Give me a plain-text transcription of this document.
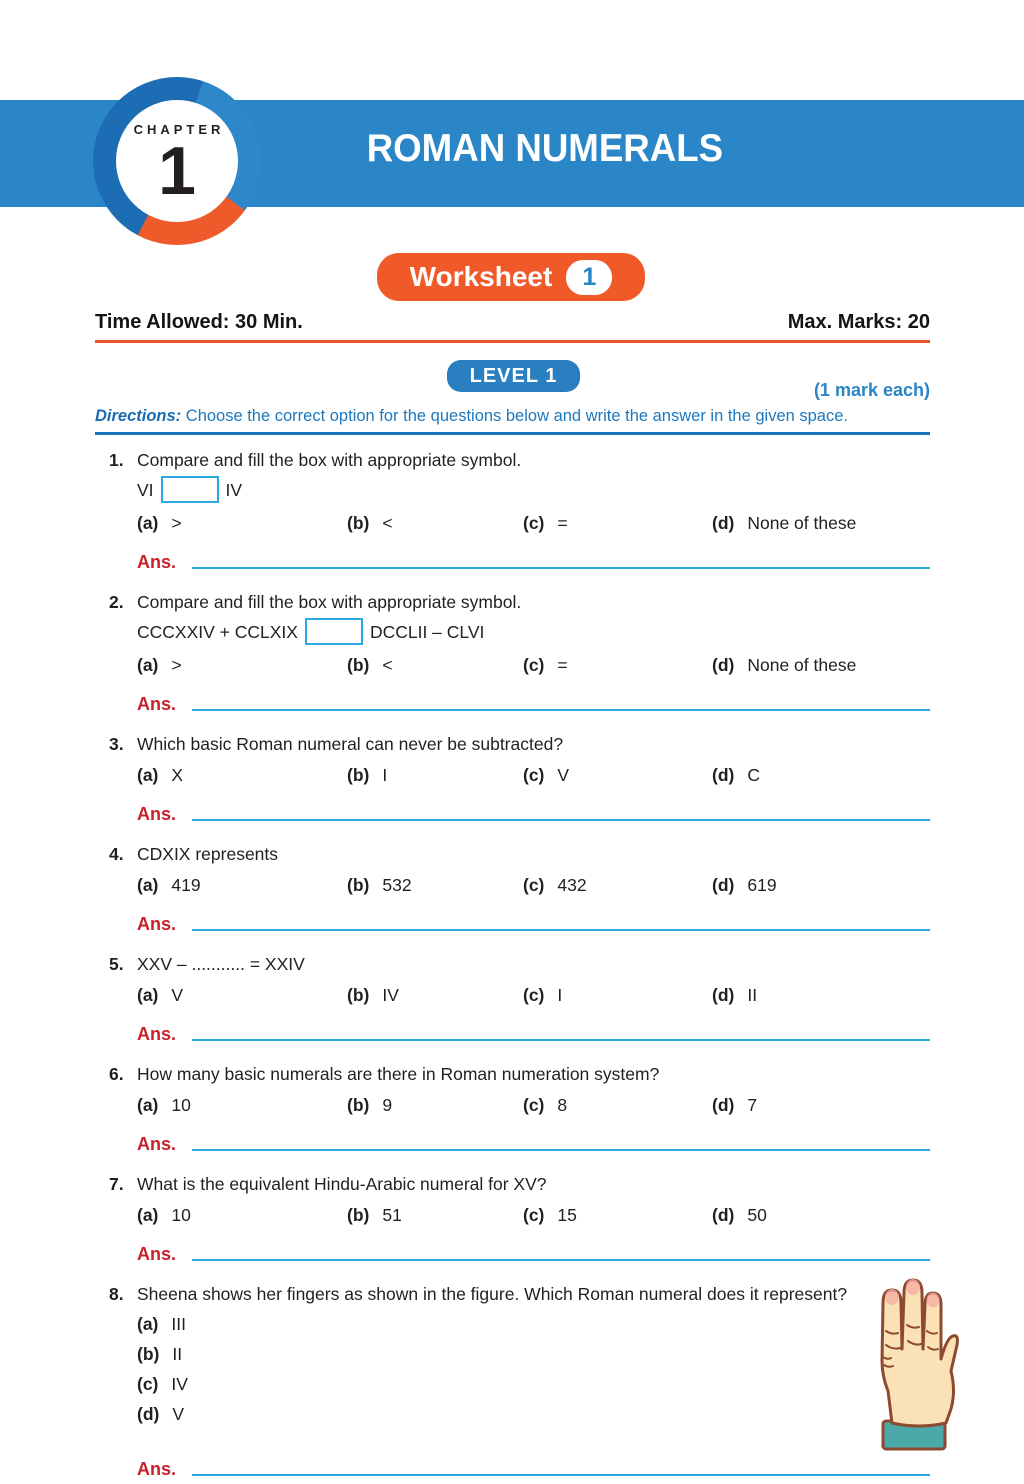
ROMAN NUMERALS
CHAPTER
1
Worksheet 1
Time Allowed: 30 Min.	Max. Marks: 20
LEVEL 1
(1 mark each)
Directions: Choose the correct option for the questions below and write the answer in the given space.
1. Compare and fill the box with appropriate symbol.
VI	IV
(a) >	(b) <	(c) =	(d) None of these
Ans.
2. Compare and fill the box with appropriate symbol.
CCCXXIV + CCLXIX	DCCLII – CLVI
(a) >	(b) <	(c) =	(d) None of these
Ans.
3. Which basic Roman numeral can never be subtracted?
(a) X	(b) I	(c) V	(d) C
Ans.
4. CDXIX represents
(a) 419	(b) 532	(c) 432	(d) 619
Ans.
5. XXV – ........... = XXIV
(a) V	(b) IV	(c) I	(d) II
Ans.
6. How many basic numerals are there in Roman numeration system?
(a) 10	(b) 9	(c) 8	(d) 7
Ans.
7. What is the equivalent Hindu-Arabic numeral for XV?
(a) 10	(b) 51	(c) 15	(d) 50
Ans.
8. Sheena shows her fingers as shown in the figure. Which Roman numeral does it represent?
(a) III
(b) II
(c) IV
(d) V
Ans.
